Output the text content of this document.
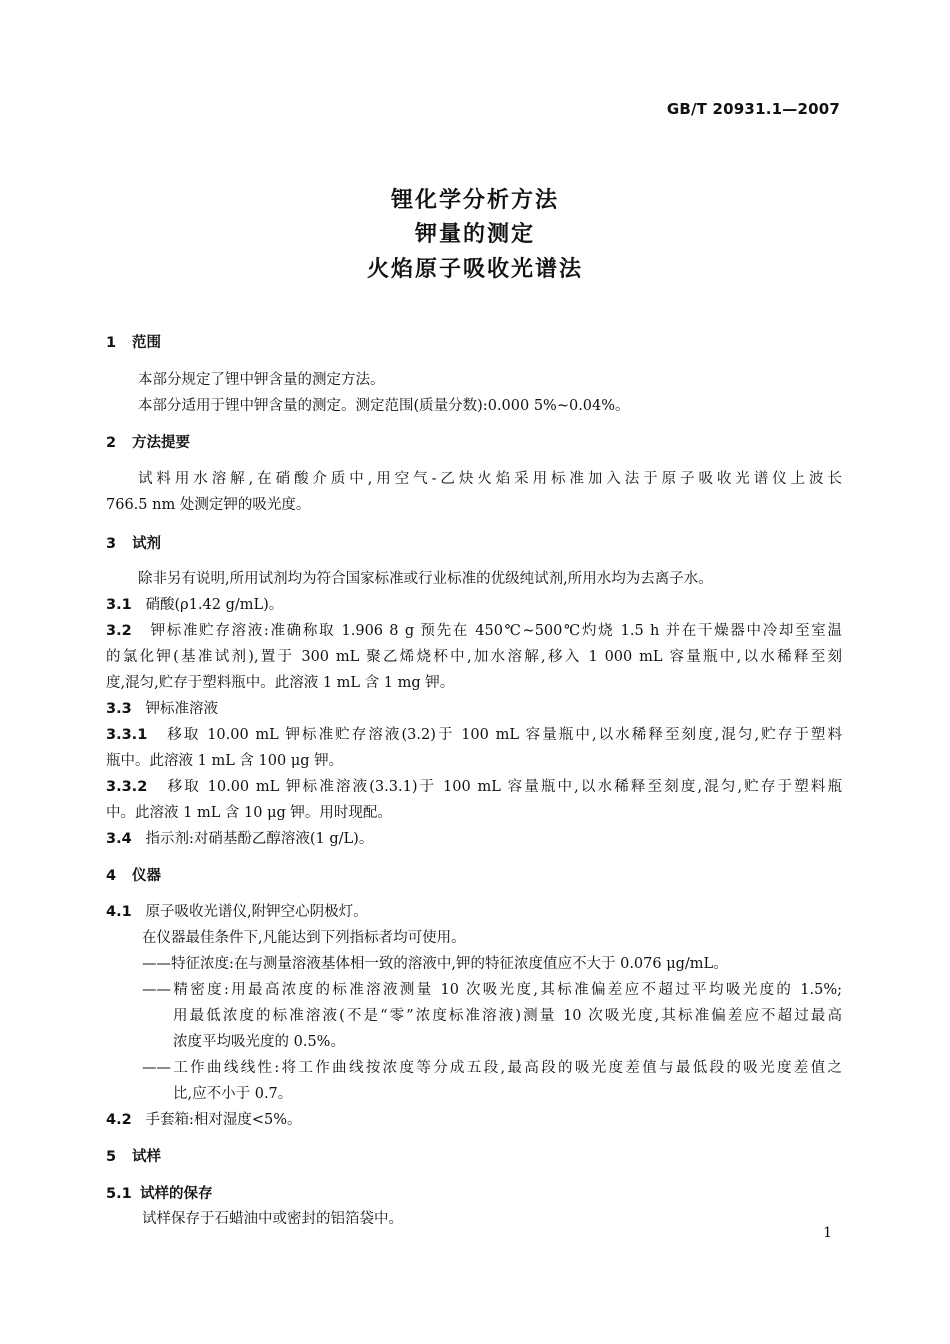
GB/T 20931.1—2007
锂化学分析方法
钾量的测定
火焰原子吸收光谱法
1 范围
本部分规定了锂中钾含量的测定方法。
本部分适用于锂中钾含量的测定。测定范围(质量分数):0.000 5%~0.04%。
2 方法提要
试料用水溶解,在硝酸介质中,用空气-乙炔火焰采用标准加入法于原子吸收光谱仪上波长
766.5 nm 处测定钾的吸光度。
3 试剂
除非另有说明,所用试剂均为符合国家标准或行业标准的优级纯试剂,所用水均为去离子水。
3.1 硝酸(ρ1.42 g/mL)。
3.2 钾标准贮存溶液:准确称取 1.906 8 g 预先在 450℃~500℃灼烧 1.5 h 并在干燥器中冷却至室温
的氯化钾(基准试剂),置于 300 mL 聚乙烯烧杯中,加水溶解,移入 1 000 mL 容量瓶中,以水稀释至刻
度,混匀,贮存于塑料瓶中。此溶液 1 mL 含 1 mg 钾。
3.3 钾标准溶液
3.3.1 移取 10.00 mL 钾标准贮存溶液(3.2)于 100 mL 容量瓶中,以水稀释至刻度,混匀,贮存于塑料
瓶中。此溶液 1 mL 含 100 μg 钾。
3.3.2 移取 10.00 mL 钾标准溶液(3.3.1)于 100 mL 容量瓶中,以水稀释至刻度,混匀,贮存于塑料瓶
中。此溶液 1 mL 含 10 μg 钾。用时现配。
3.4 指示剂:对硝基酚乙醇溶液(1 g/L)。
4 仪器
4.1 原子吸收光谱仪,附钾空心阴极灯。
在仪器最佳条件下,凡能达到下列指标者均可使用。
——特征浓度:在与测量溶液基体相一致的溶液中,钾的特征浓度值应不大于 0.076 μg/mL。
——精密度:用最高浓度的标准溶液测量 10 次吸光度,其标准偏差应不超过平均吸光度的 1.5%;
用最低浓度的标准溶液(不是“零”浓度标准溶液)测量 10 次吸光度,其标准偏差应不超过最高
浓度平均吸光度的 0.5%。
——工作曲线线性:将工作曲线按浓度等分成五段,最高段的吸光度差值与最低段的吸光度差值之
比,应不小于 0.7。
4.2 手套箱:相对湿度<5%。
5 试样
5.1 试样的保存
试样保存于石蜡油中或密封的铝箔袋中。
1
